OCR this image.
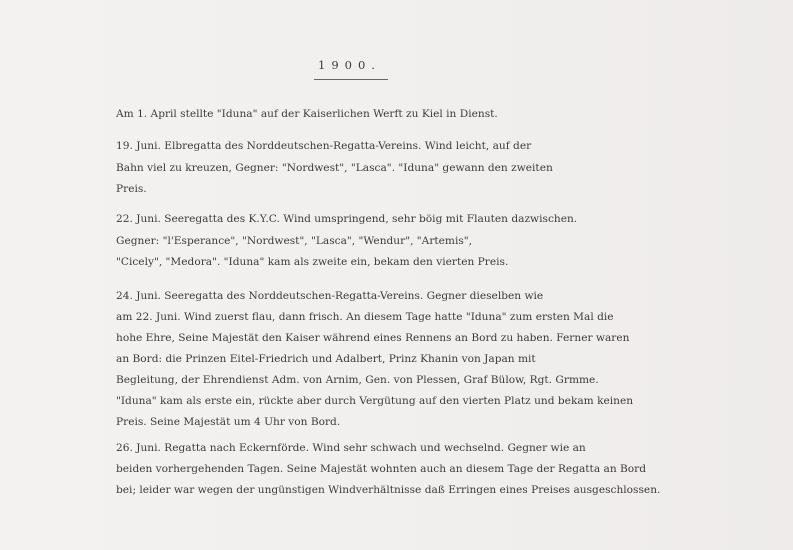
1900.
Am 1. April stellte "Iduna" auf der Kaiserlichen Werft zu Kiel in Dienst.
19. Juni. Elbregatta des Norddeutschen-Regatta-Vereins. Wind leicht, auf der
Bahn viel zu kreuzen, Gegner: "Nordwest", "Lasca". "Iduna" gewann den zweiten
Preis.
22. Juni. Seeregatta des K.Y.C. Wind umspringend, sehr böig mit Flauten dazwischen.
Gegner: "l'Esperance", "Nordwest", "Lasca", "Wendur", "Artemis",
"Cicely", "Medora". "Iduna" kam als zweite ein, bekam den vierten Preis.
24. Juni. Seeregatta des Norddeutschen-Regatta-Vereins. Gegner dieselben wie
am 22. Juni. Wind zuerst flau, dann frisch. An diesem Tage hatte "Iduna" zum ersten Mal die
hohe Ehre, Seine Majestät den Kaiser während eines Rennens an Bord zu haben. Ferner waren
an Bord: die Prinzen Eitel-Friedrich und Adalbert, Prinz Khanin von Japan mit
Begleitung, der Ehrendienst Adm. von Arnim, Gen. von Plessen, Graf Bülow, Rgt. Grmme.
"Iduna" kam als erste ein, rückte aber durch Vergütung auf den vierten Platz und bekam keinen
Preis. Seine Majestät um 4 Uhr von Bord.
26. Juni. Regatta nach Eckernförde. Wind sehr schwach und wechselnd. Gegner wie an
beiden vorhergehenden Tagen. Seine Majestät wohnten auch an diesem Tage der Regatta an Bord
bei; leider war wegen der ungünstigen Windverhältnisse daß Erringen eines Preises ausgeschlossen.
